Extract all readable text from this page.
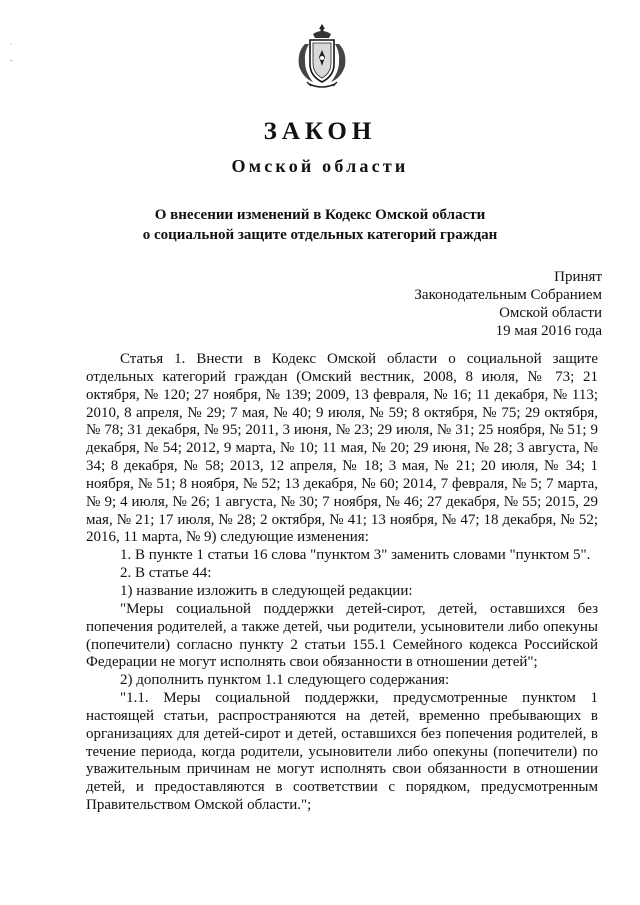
·
-
ЗАКОН
Омской области
О внесении изменений в Кодекс Омской области
о социальной защите отдельных категорий граждан
Принят
Законодательным Собранием
Омской области
19 мая 2016 года

Статья 1. Внести в Кодекс Омской области о социальной защите отдельных категорий граждан (Омский вестник, 2008, 8 июля, № 73; 21 октября, № 120; 27 ноября, № 139; 2009, 13 февраля, № 16; 11 декабря, № 113; 2010, 8 апреля, № 29; 7 мая, № 40; 9 июля, № 59; 8 октября, № 75; 29 октября, № 78; 31 декабря, № 95; 2011, 3 июня, № 23; 29 июля, № 31; 25 ноября, № 51; 9 декабря, № 54; 2012, 9 марта, № 10; 11 мая, № 20; 29 июня, № 28; 3 августа, № 34; 8 декабря, № 58; 2013, 12 апреля, № 18; 3 мая, № 21; 20 июля, № 34; 1 ноября, № 51; 8 ноября, № 52; 13 декабря, № 60; 2014, 7 февраля, № 5; 7 марта, № 9; 4 июля, № 26; 1 августа, № 30; 7 ноября, № 46; 27 декабря, № 55; 2015, 29 мая, № 21; 17 июля, № 28; 2 октября, № 41; 13 ноября, № 47; 18 декабря, № 52; 2016, 11 марта, № 9) следующие изменения:

1. В пункте 1 статьи 16 слова "пунктом 3" заменить словами "пунктом 5".

2. В статье 44:

1) название изложить в следующей редакции:

"Меры социальной поддержки детей-сирот, детей, оставшихся без попечения родителей, а также детей, чьи родители, усыновители либо опекуны (попечители) согласно пункту 2 статьи 155.1 Семейного кодекса Российской Федерации не могут исполнять свои обязанности в отношении детей";

2) дополнить пунктом 1.1 следующего содержания:

"1.1. Меры социальной поддержки, предусмотренные пунктом 1 настоящей статьи, распространяются на детей, временно пребывающих в организациях для детей-сирот и детей, оставшихся без попечения родителей, в течение периода, когда родители, усыновители либо опекуны (попечители) по уважительным причинам не могут исполнять свои обязанности в отношении детей, и предоставляются в соответствии с порядком, предусмотренным Правительством Омской области.";
